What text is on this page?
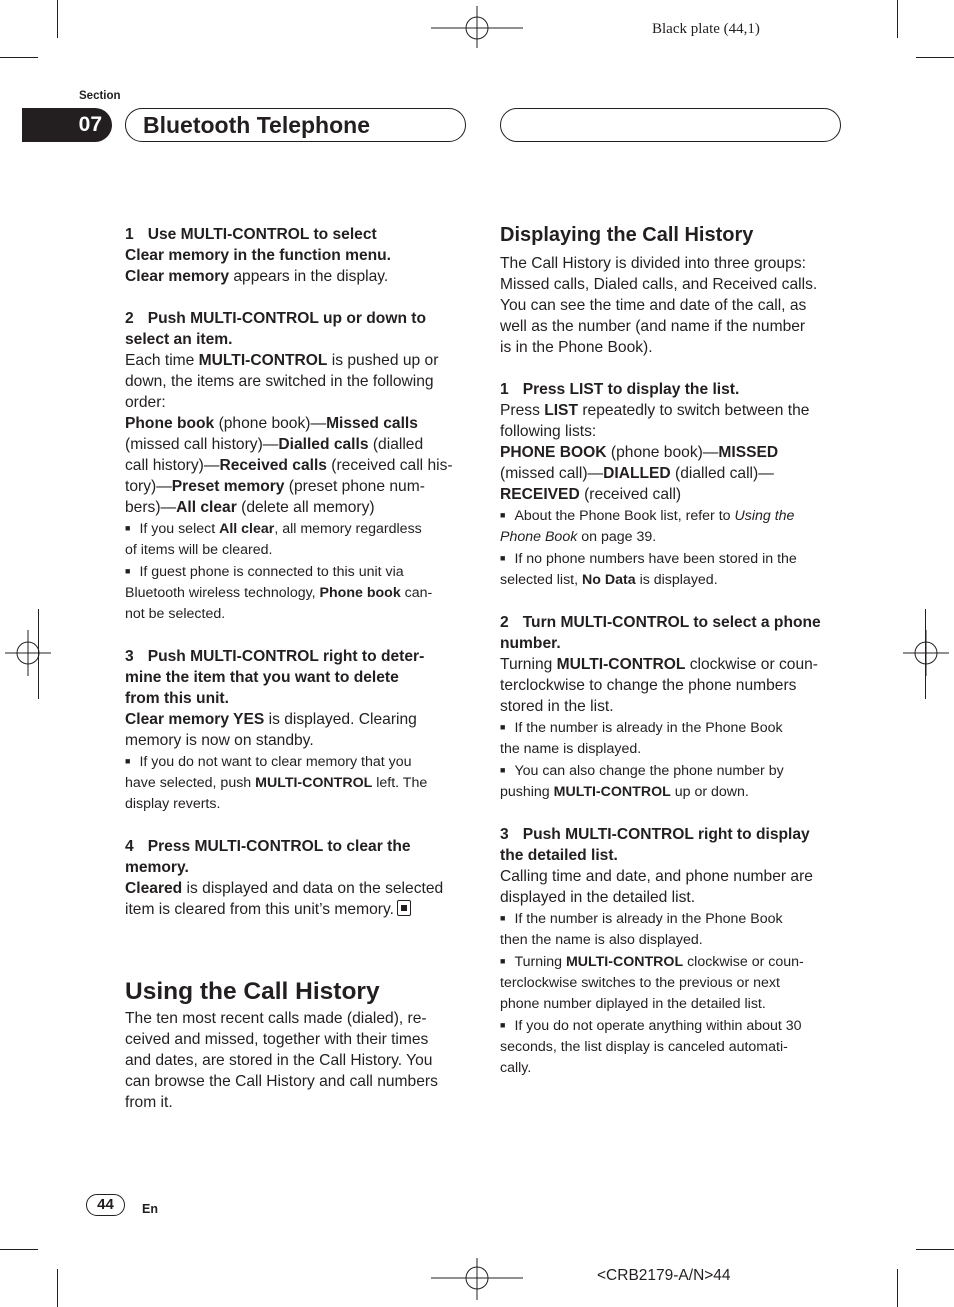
Black plate (44,1)
Section
07	Bluetooth Telephone

1 Use MULTI-CONTROL to select

Clear memory in the function menu.

Clear memory appears in the display.

2 Push MULTI-CONTROL up or down to

select an item.

Each time MULTI-CONTROL is pushed up or

down, the items are switched in the following

order:

Phone book (phone book)—Missed calls

(missed call history)—Dialled calls (dialled

call history)—Received calls (received call his-

tory)—Preset memory (preset phone num-

bers)—All clear (delete all memory)

■ If you select All clear, all memory regardless

of items will be cleared.

■ If guest phone is connected to this unit via

Bluetooth wireless technology, Phone book can-

not be selected.

3 Push MULTI-CONTROL right to deter-

mine the item that you want to delete

from this unit.

Clear memory YES is displayed. Clearing

memory is now on standby.

■ If you do not want to clear memory that you

have selected, push MULTI-CONTROL left. The

display reverts.

4 Press MULTI-CONTROL to clear the

memory.

Cleared is displayed and data on the selected

item is cleared from this unit’s memory.

Using the Call History

The ten most recent calls made (dialed), re-

ceived and missed, together with their times

and dates, are stored in the Call History. You

can browse the Call History and call numbers

from it.

Displaying the Call History

The Call History is divided into three groups:

Missed calls, Dialed calls, and Received calls.

You can see the time and date of the call, as

well as the number (and name if the number

is in the Phone Book).

1 Press LIST to display the list.

Press LIST repeatedly to switch between the

following lists:

PHONE BOOK (phone book)—MISSED

(missed call)—DIALLED (dialled call)—

RECEIVED (received call)

■ About the Phone Book list, refer to Using the

Phone Book on page 39.

■ If no phone numbers have been stored in the

selected list, No Data is displayed.

2 Turn MULTI-CONTROL to select a phone

number.

Turning MULTI-CONTROL clockwise or coun-

terclockwise to change the phone numbers

stored in the list.

■ If the number is already in the Phone Book

the name is displayed.

■ You can also change the phone number by

pushing MULTI-CONTROL up or down.

3 Push MULTI-CONTROL right to display

the detailed list.

Calling time and date, and phone number are

displayed in the detailed list.

■ If the number is already in the Phone Book

then the name is also displayed.

■ Turning MULTI-CONTROL clockwise or coun-

terclockwise switches to the previous or next

phone number diplayed in the detailed list.

■ If you do not operate anything within about 30

seconds, the list display is canceled automati-

cally.

44	En
<CRB2179-A/N>44
